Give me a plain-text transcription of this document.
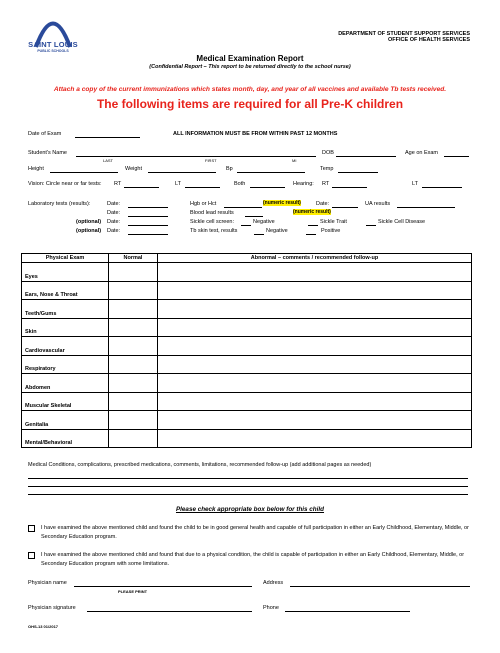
SAINT LOUIS
PUBLIC SCHOOLS
DEPARTMENT OF STUDENT SUPPORT SERVICES
OFFICE OF HEALTH SERVICES
Medical Examination Report
(Confidential Report – This report to be returned directly to the school nurse)
Attach a copy of the current immunizations which states month, day, and year of all vaccines and available Tb tests received.
The following items are required for all Pre-K children
Date of Exam	ALL INFORMATION MUST BE FROM WITHIN PAST 12 MONTHS
Student's Name	DOB	Age on Exam
LAST	FIRST	MI
Height	Weight	Bp	Temp
Vision: Circle near or far tests: RT	LT	Both	Hearing: RT	LT
Laboratory tests (results):	Date:	Hgb or Hct	(numeric result)	Date:	UA results
Date:	Blood lead results	(numeric result)
(optional) Date:	Sickle cell screen:	Negative	Sickle Trait	Sickle Cell Disease
(optional) Date:	Tb skin test, results	Negative	Positive
Physical Exam	Normal	Abnormal – comments / recommended follow-up
Eyes		
Ears, Nose & Throat		
Teeth/Gums		
Skin		
Cardiovascular		
Respiratory		
Abdomen		
Muscular Skeletal		
Genitalia		
Mental/Behavioral		
Medical Conditions, complications, prescribed medications, comments, limitations, recommended follow-up (add additional pages as needed)
Please check appropriate box below for this child
I have examined the above mentioned child and found the child to be in good general health and capable of full participation in either an Early Childhood, Elementary, Middle, or Secondary Education program.
I have examined the above mentioned child and found that due to a physical condition, the child is capable of participation in either an Early Childhood, Elementary, Middle, or Secondary Education program with some limitations.
Physician name
PLEASE PRINT
Address
Physician signature	Phone
OHS-13 01/2017
